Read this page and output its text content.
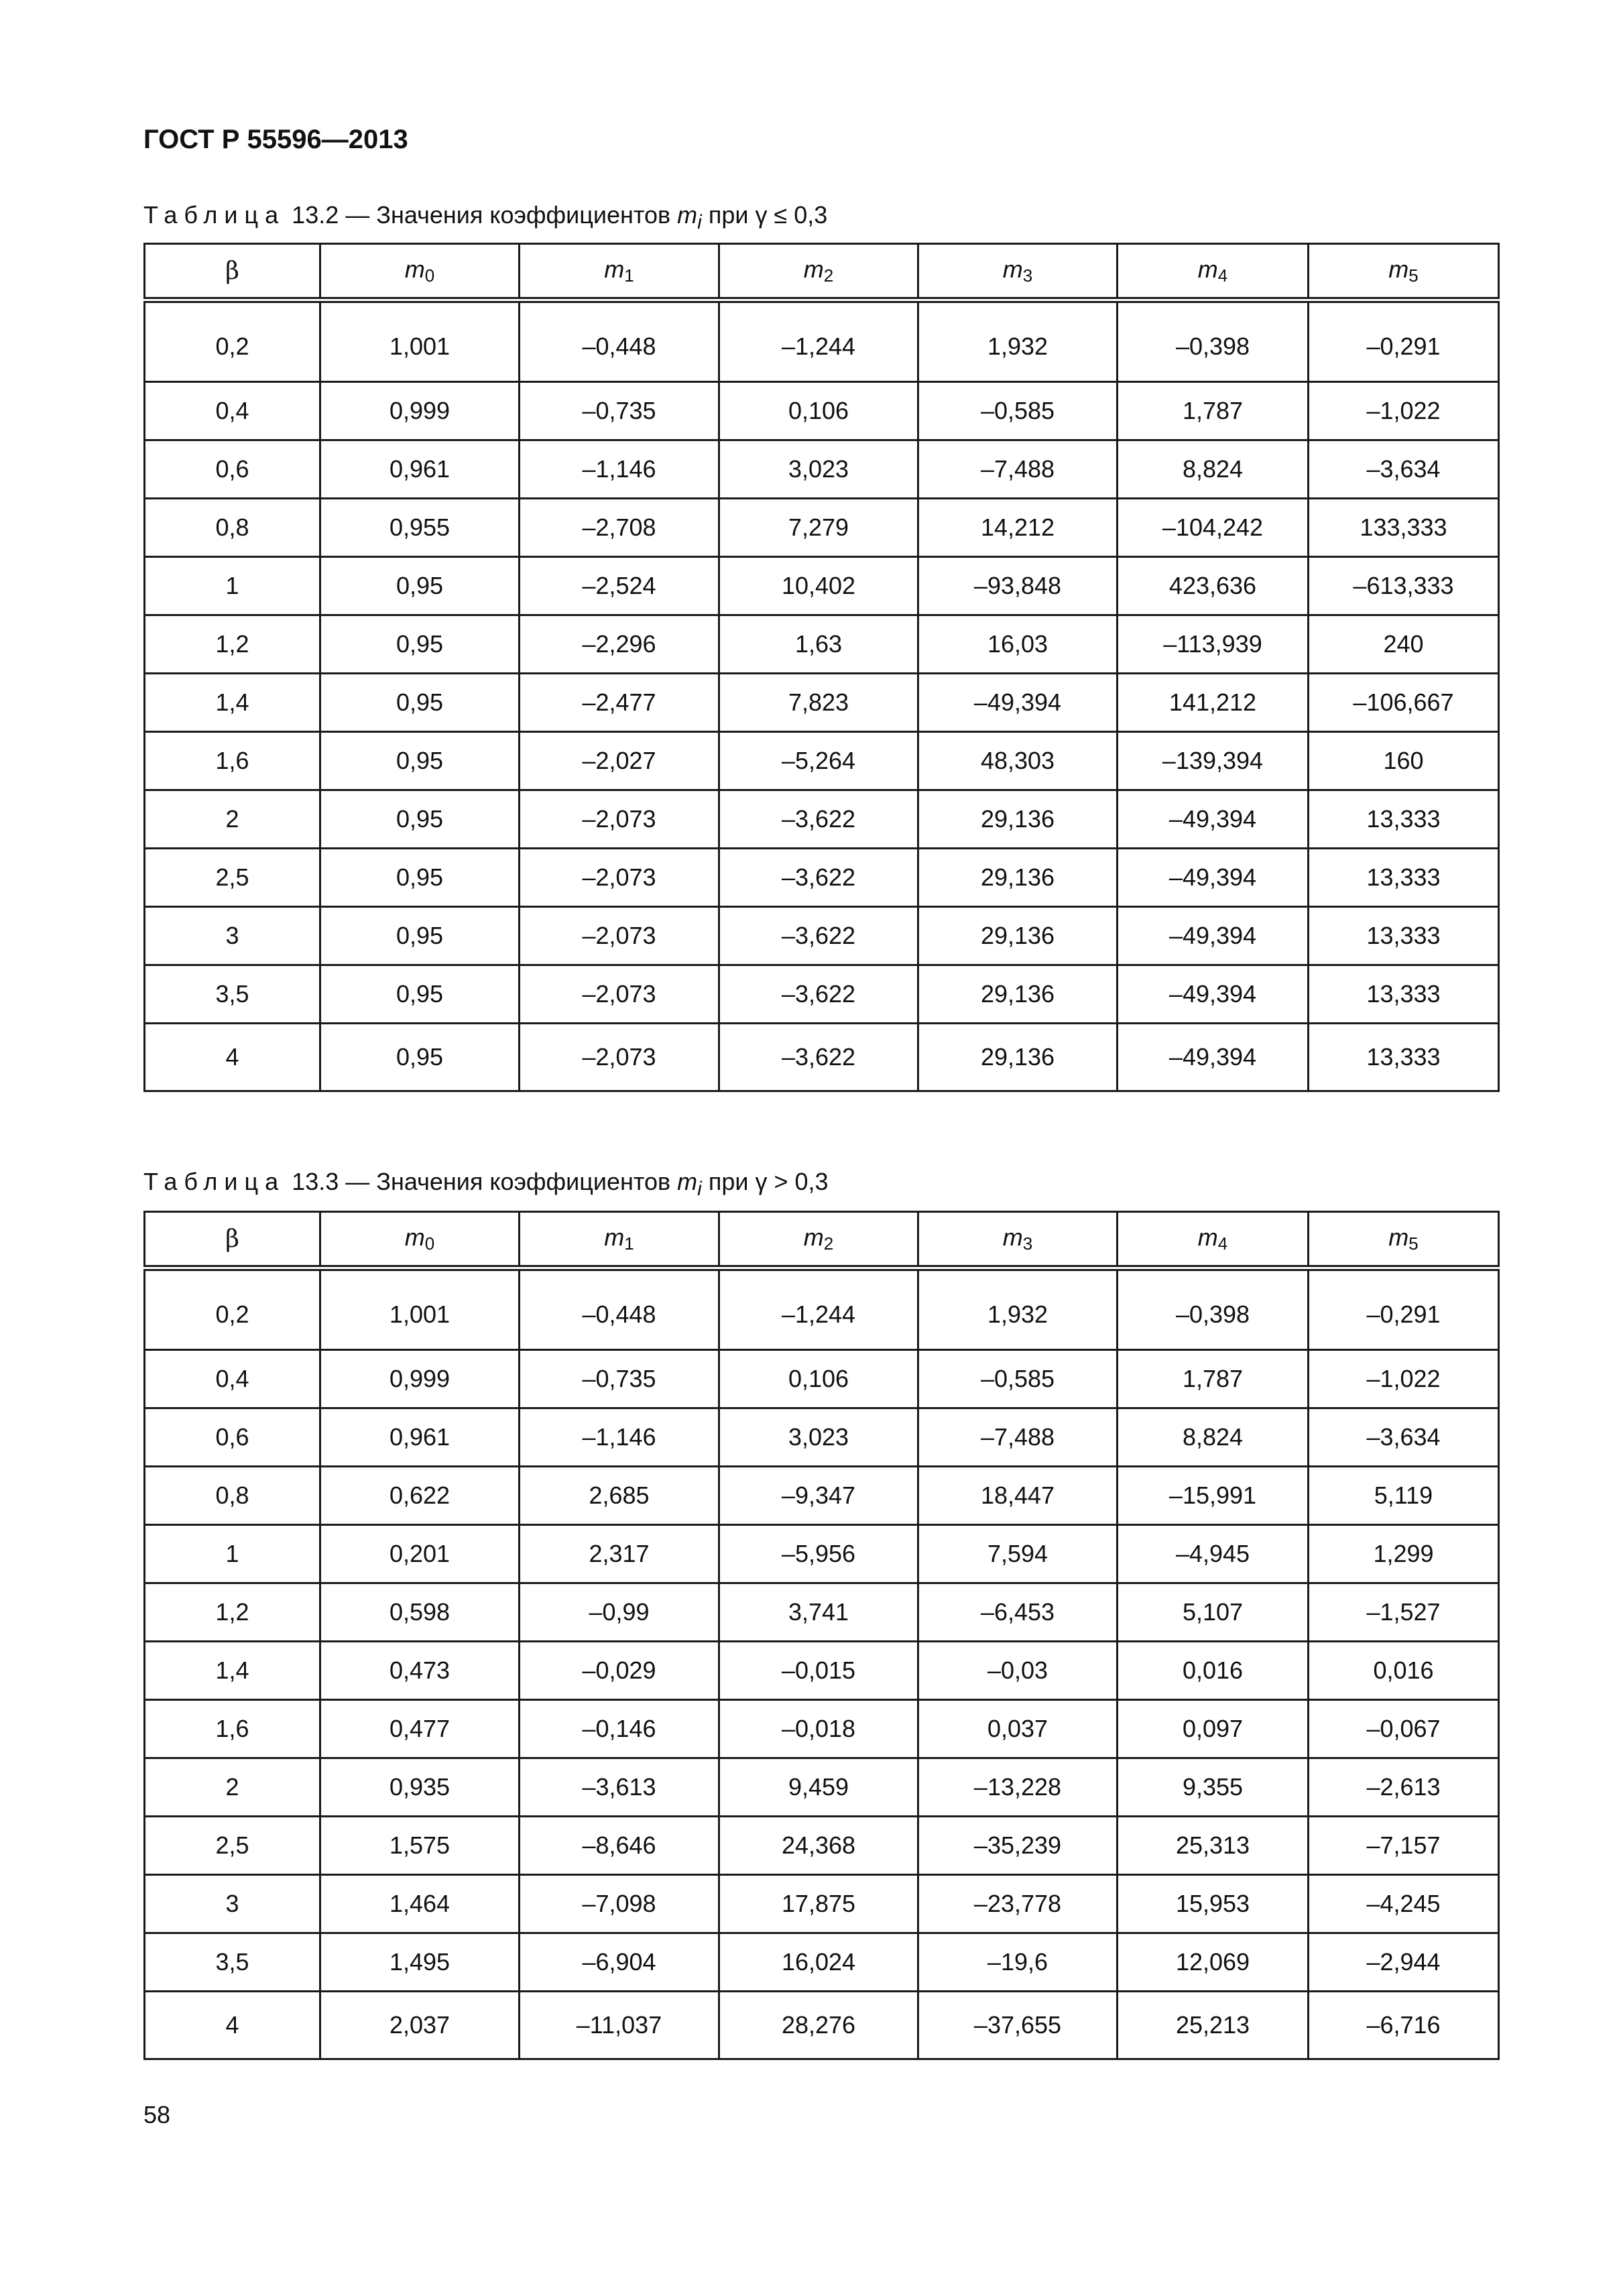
ГОСТ Р 55596—2013
Таблица 13.2 — Значения коэффициентов $m_i$ при γ ≤ 0,3
β	$m_0$	$m_1$	$m_2$	$m_3$	$m_4$	$m_5$
0,2	1,001	–0,448	–1,244	1,932	–0,398	–0,291
0,4	0,999	–0,735	0,106	–0,585	1,787	–1,022
0,6	0,961	–1,146	3,023	–7,488	8,824	–3,634
0,8	0,955	–2,708	7,279	14,212	–104,242	133,333
1	0,95	–2,524	10,402	–93,848	423,636	–613,333
1,2	0,95	–2,296	1,63	16,03	–113,939	240
1,4	0,95	–2,477	7,823	–49,394	141,212	–106,667
1,6	0,95	–2,027	–5,264	48,303	–139,394	160
2	0,95	–2,073	–3,622	29,136	–49,394	13,333
2,5	0,95	–2,073	–3,622	29,136	–49,394	13,333
3	0,95	–2,073	–3,622	29,136	–49,394	13,333
3,5	0,95	–2,073	–3,622	29,136	–49,394	13,333
4	0,95	–2,073	–3,622	29,136	–49,394	13,333
Таблица 13.3 — Значения коэффициентов $m_i$ при γ > 0,3
β	$m_0$	$m_1$	$m_2$	$m_3$	$m_4$	$m_5$
0,2	1,001	–0,448	–1,244	1,932	–0,398	–0,291
0,4	0,999	–0,735	0,106	–0,585	1,787	–1,022
0,6	0,961	–1,146	3,023	–7,488	8,824	–3,634
0,8	0,622	2,685	–9,347	18,447	–15,991	5,119
1	0,201	2,317	–5,956	7,594	–4,945	1,299
1,2	0,598	–0,99	3,741	–6,453	5,107	–1,527
1,4	0,473	–0,029	–0,015	–0,03	0,016	0,016
1,6	0,477	–0,146	–0,018	0,037	0,097	–0,067
2	0,935	–3,613	9,459	–13,228	9,355	–2,613
2,5	1,575	–8,646	24,368	–35,239	25,313	–7,157
3	1,464	–7,098	17,875	–23,778	15,953	–4,245
3,5	1,495	–6,904	16,024	–19,6	12,069	–2,944
4	2,037	–11,037	28,276	–37,655	25,213	–6,716
58
